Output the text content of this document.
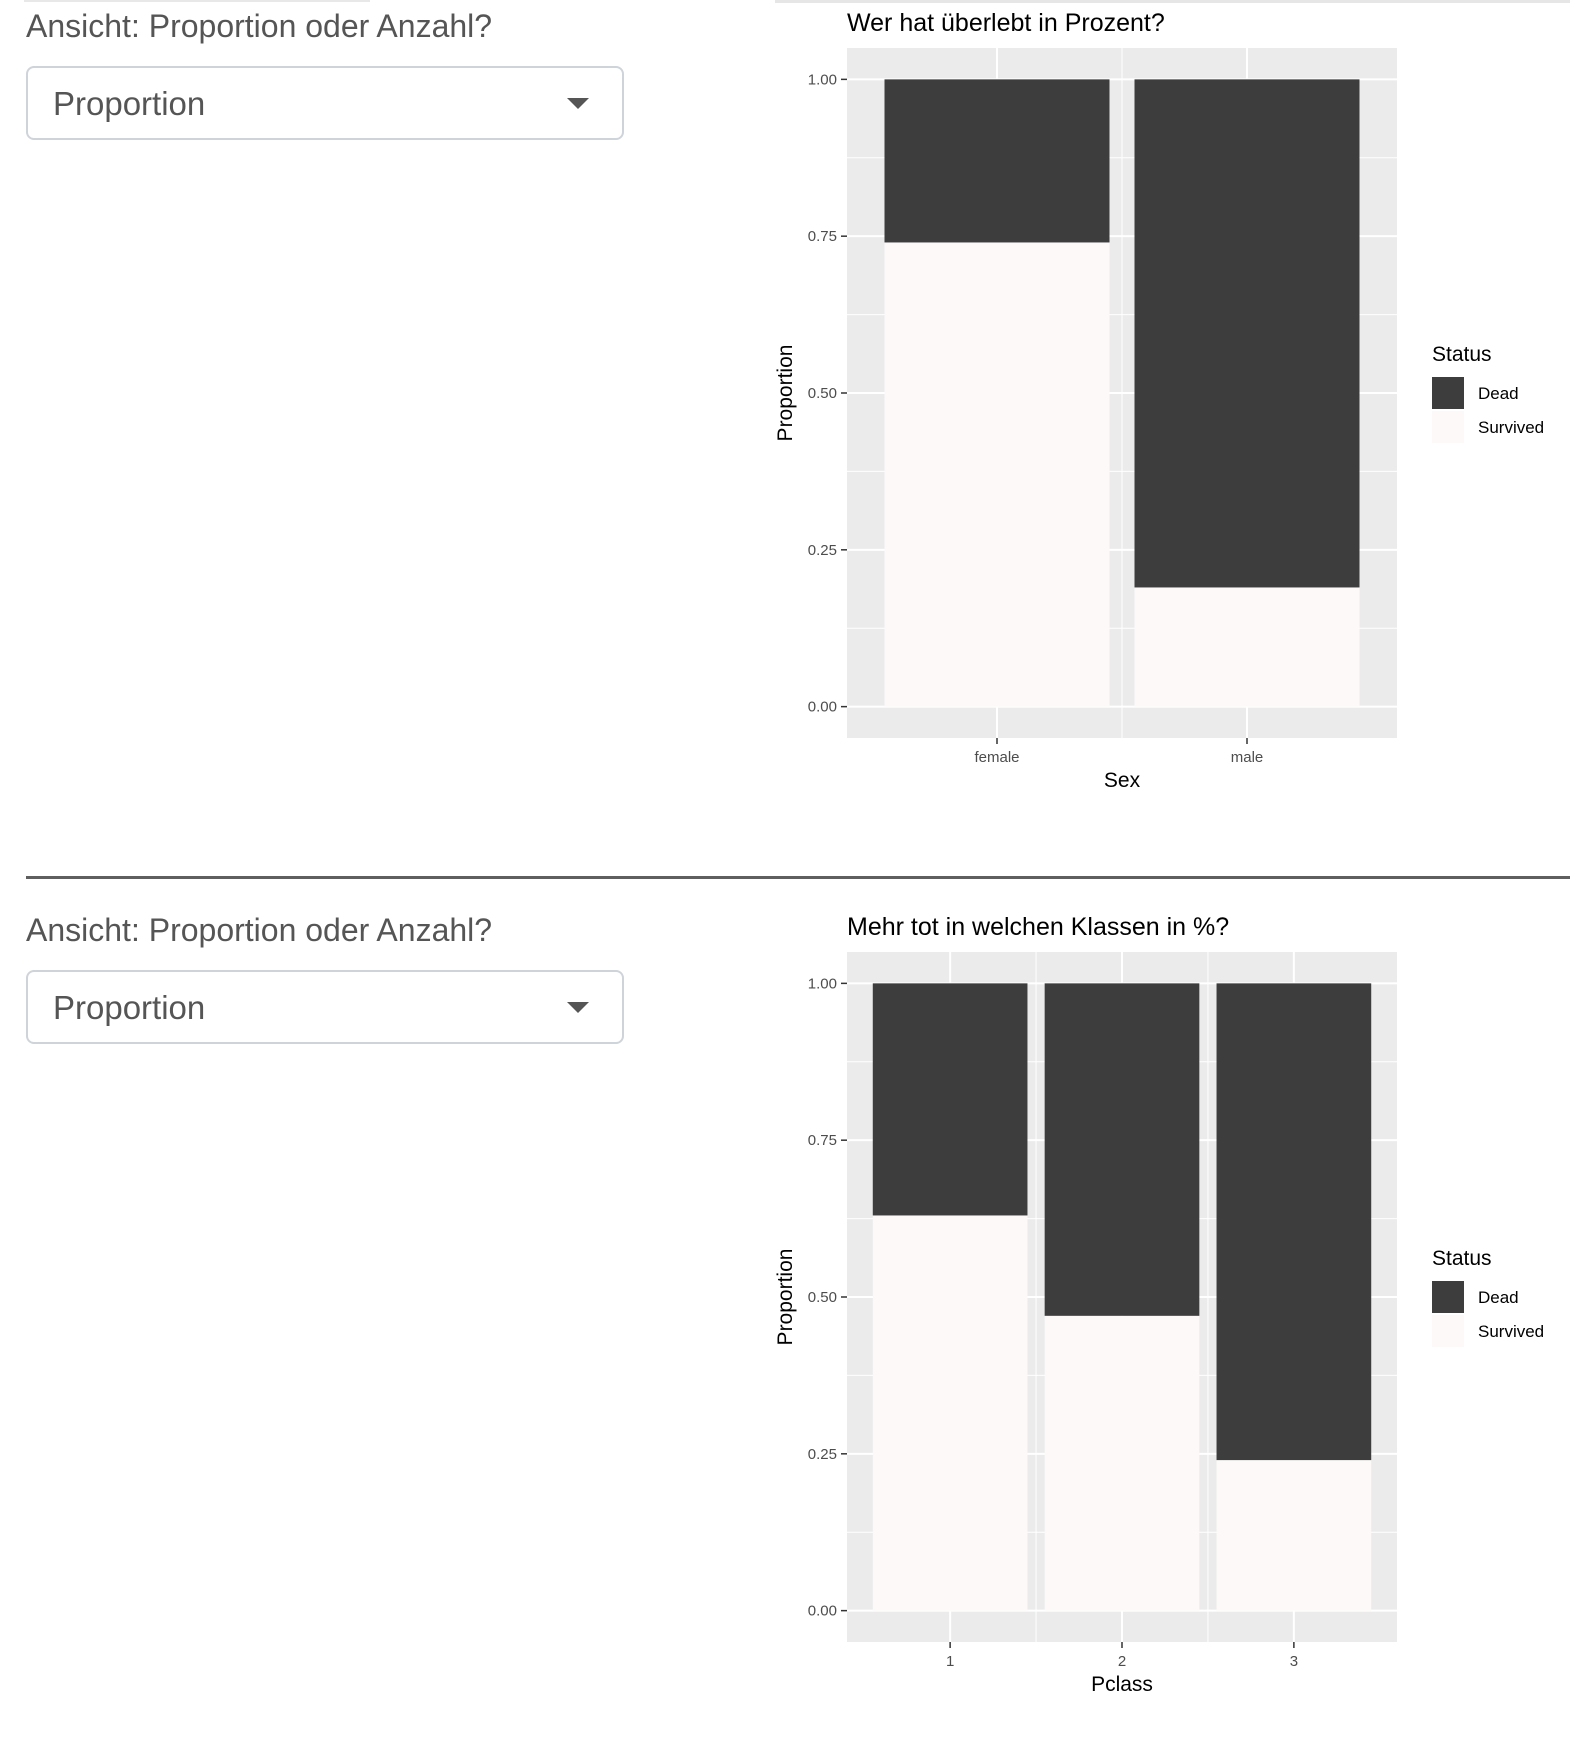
Ansicht: Proportion oder Anzahl?
Proportion
Wer hat überlebt in Prozent?
0.00
0.25
0.50
0.75
1.00
female	male
Sex
Proportion	Status
Dead
Survived
Ansicht: Proportion oder Anzahl?
Proportion
Mehr tot in welchen Klassen in %?
0.00
0.25
0.50
0.75
1.00
1	2	3
Pclass
Proportion	Status
Dead
Survived
